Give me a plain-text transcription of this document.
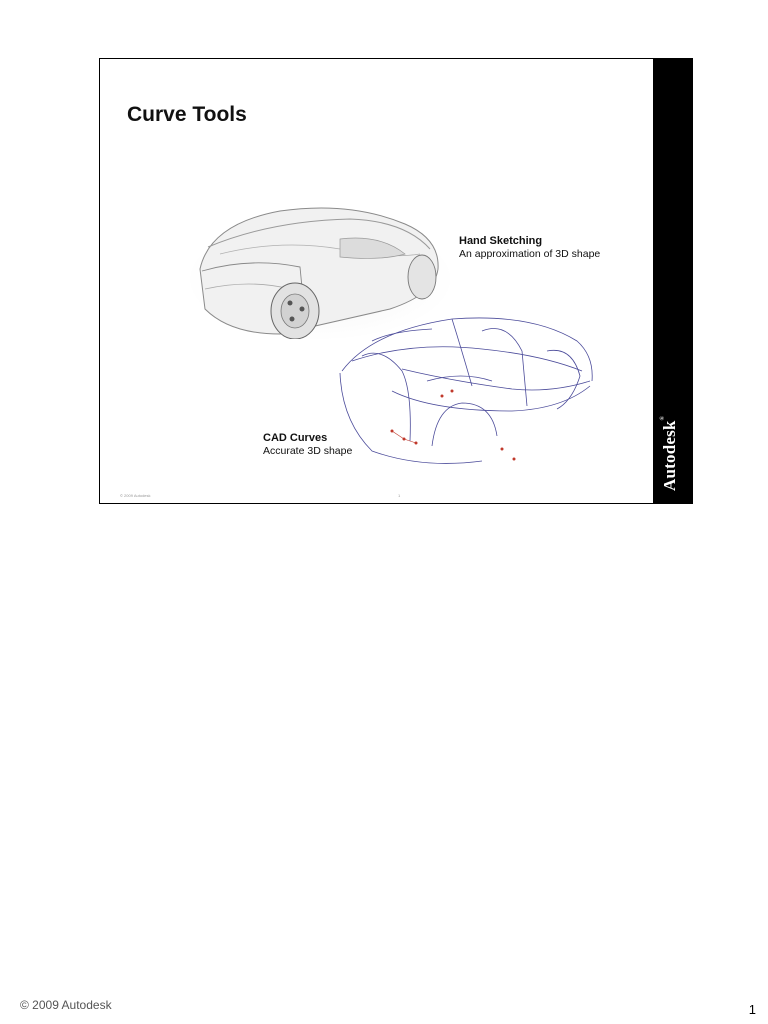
Curve Tools
Hand Sketching
An approximation of 3D shape
CAD Curves
Accurate 3D shape
© 2009 Autodesk	1
Autodesk®
© 2009 Autodesk	1
